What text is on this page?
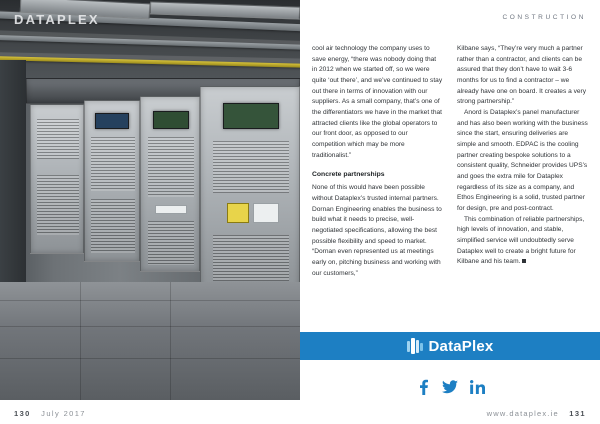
DATAPLEX
130 July 2017
CONSTRUCTION

cool air technology the company uses to save energy, “there was nobody doing that in 2012 when we started off, so we were quite ‘out there’, and we’ve continued to stay out there in terms of innovation with our suppliers. As a small company, that’s one of the differentiators we have in the market that attracted clients like the global operators to our front door, as opposed to our competition which may be more traditionalist.”

Concrete partnerships

None of this would have been possible without Dataplex’s trusted internal partners. Dornan Engineering enables the business to build what it needs to precise, well-negotiated specifications, allowing the best possible flexibility and speed to market. “Dornan even represented us at meetings early on, pitching business and working with our customers,”

Kilbane says, “They’re very much a partner rather than a contractor, and clients can be assured that they don’t have to wait 3-6 months for us to find a contractor – we already have one on board. It creates a very strong partnership.”

Anord is Dataplex’s panel manufacturer and has also been working with the business since the start, ensuring deliveries are simple and smooth. EDPAC is the cooling partner creating bespoke solutions to a consistent quality, Schneider provides UPS’s and goes the extra mile for Dataplex regardless of its size as a company, and Ethos Engineering is a solid, trusted partner for design, pre and post-contract.

This combination of reliable partnerships, high levels of innovation, and stable, simplified service will undoubtedly serve Dataplex well to create a bright future for Kilbane and his team.

DataPlex
www.dataplex.ie 131
